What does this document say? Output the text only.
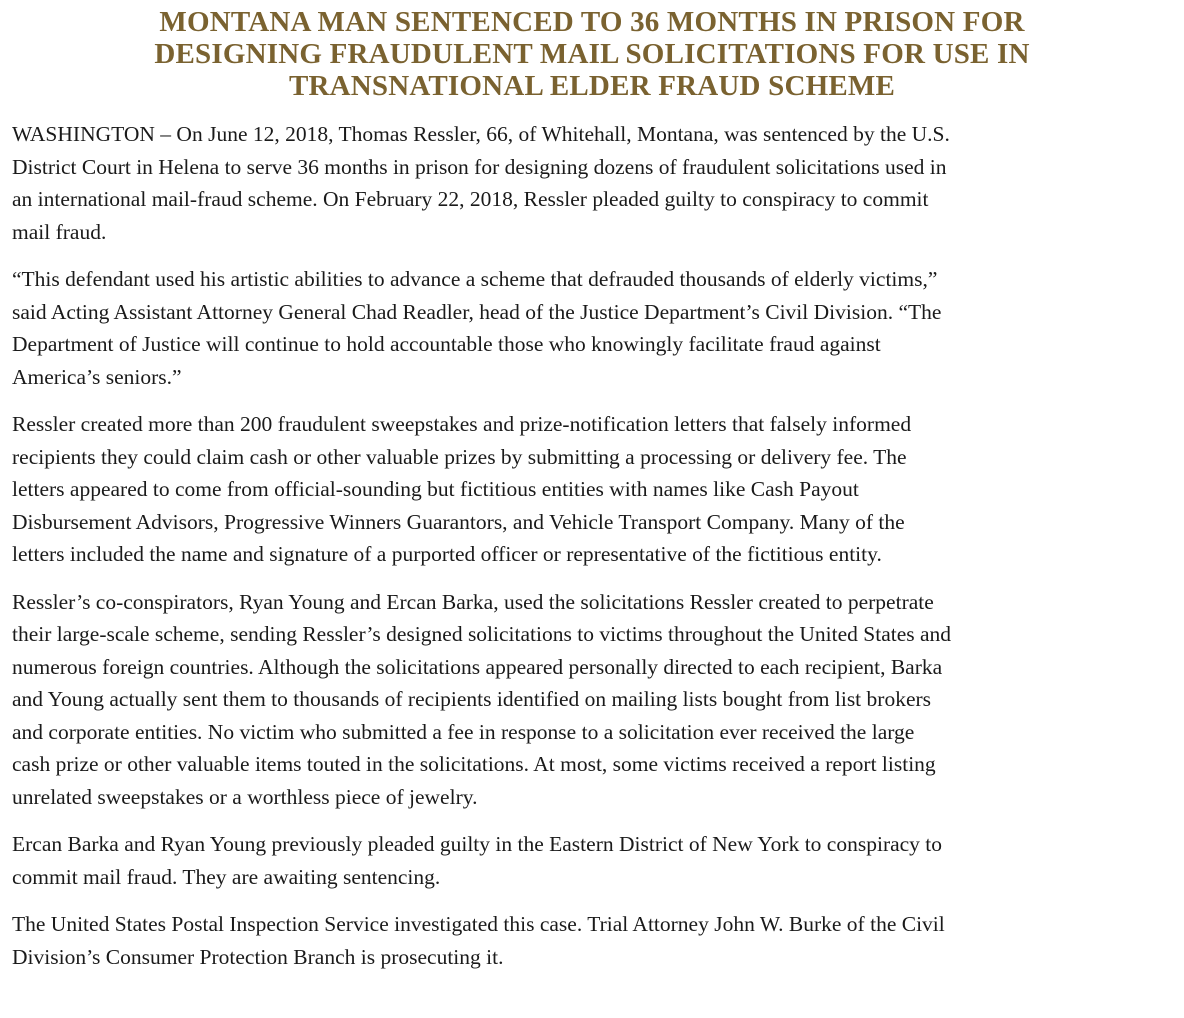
MONTANA MAN SENTENCED TO 36 MONTHS IN PRISON FOR
DESIGNING FRAUDULENT MAIL SOLICITATIONS FOR USE IN
TRANSNATIONAL ELDER FRAUD SCHEME

WASHINGTON – On June 12, 2018, Thomas Ressler, 66, of Whitehall, Montana, was sentenced by the U.S.
District Court in Helena to serve 36 months in prison for designing dozens of fraudulent solicitations used in
an international mail-fraud scheme. On February 22, 2018, Ressler pleaded guilty to conspiracy to commit
mail fraud.

“This defendant used his artistic abilities to advance a scheme that defrauded thousands of elderly victims,”
said Acting Assistant Attorney General Chad Readler, head of the Justice Department’s Civil Division. “The
Department of Justice will continue to hold accountable those who knowingly facilitate fraud against
America’s seniors.”

Ressler created more than 200 fraudulent sweepstakes and prize-notification letters that falsely informed
recipients they could claim cash or other valuable prizes by submitting a processing or delivery fee. The
letters appeared to come from official-sounding but fictitious entities with names like Cash Payout
Disbursement Advisors, Progressive Winners Guarantors, and Vehicle Transport Company. Many of the
letters included the name and signature of a purported officer or representative of the fictitious entity.

Ressler’s co-conspirators, Ryan Young and Ercan Barka, used the solicitations Ressler created to perpetrate
their large-scale scheme, sending Ressler’s designed solicitations to victims throughout the United States and
numerous foreign countries. Although the solicitations appeared personally directed to each recipient, Barka
and Young actually sent them to thousands of recipients identified on mailing lists bought from list brokers
and corporate entities. No victim who submitted a fee in response to a solicitation ever received the large
cash prize or other valuable items touted in the solicitations. At most, some victims received a report listing
unrelated sweepstakes or a worthless piece of jewelry.

Ercan Barka and Ryan Young previously pleaded guilty in the Eastern District of New York to conspiracy to
commit mail fraud. They are awaiting sentencing.

The United States Postal Inspection Service investigated this case. Trial Attorney John W. Burke of the Civil
Division’s Consumer Protection Branch is prosecuting it.
